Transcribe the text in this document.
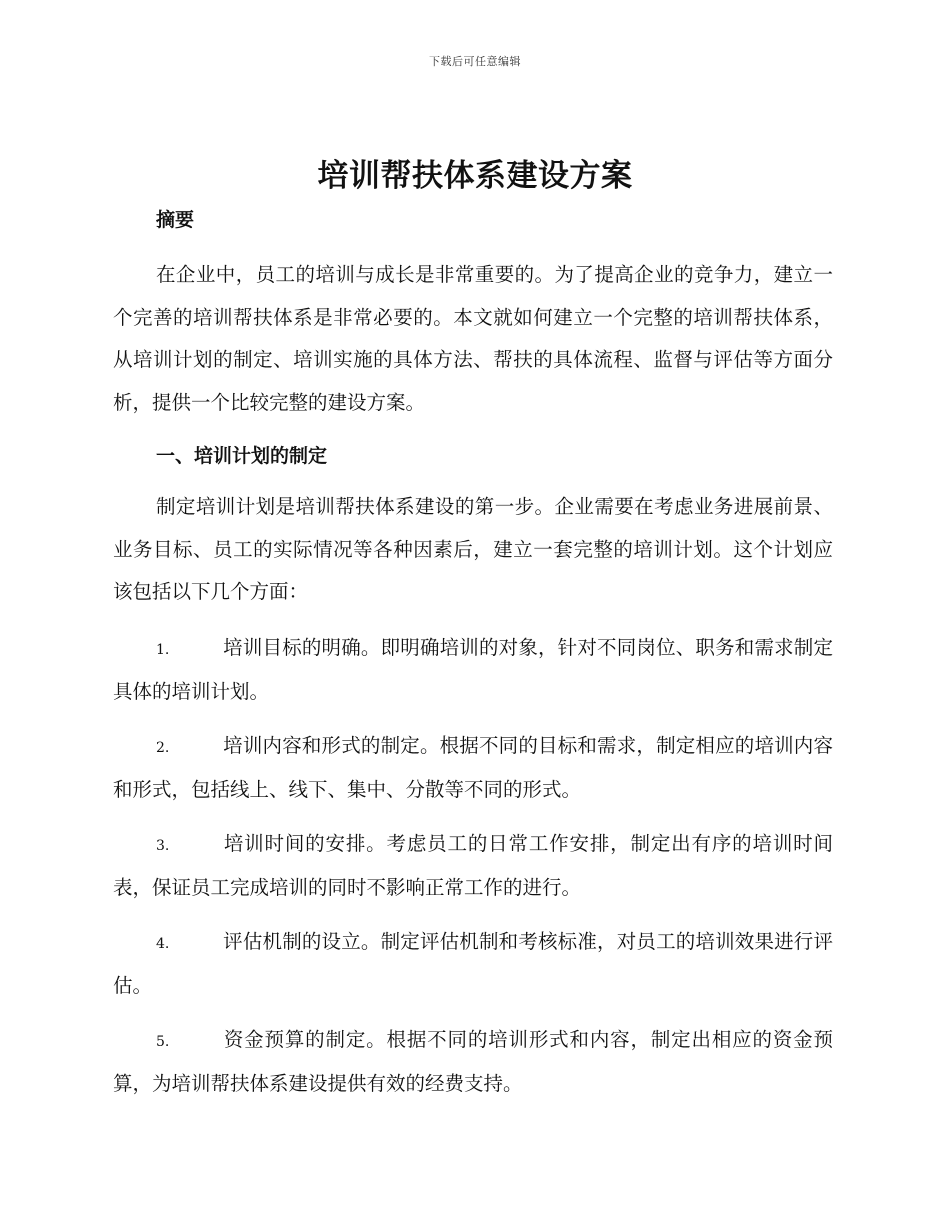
下载后可任意编辑
培训帮扶体系建设方案
摘要

在企业中，员工的培训与成长是非常重要的。为了提高企业的竞争力，建立一个完善的培训帮扶体系是非常必要的。本文就如何建立一个完整的培训帮扶体系，从培训计划的制定、培训实施的具体方法、帮扶的具体流程、监督与评估等方面分析，提供一个比较完整的建设方案。

一、培训计划的制定

制定培训计划是培训帮扶体系建设的第一步。企业需要在考虑业务进展前景、业务目标、员工的实际情况等各种因素后，建立一套完整的培训计划。这个计划应该包括以下几个方面：

1.	培训目标的明确。即明确培训的对象，针对不同岗位、职务和需求制定具体的培训计划。

2.	培训内容和形式的制定。根据不同的目标和需求，制定相应的培训内容和形式，包括线上、线下、集中、分散等不同的形式。

3.	培训时间的安排。考虑员工的日常工作安排，制定出有序的培训时间表，保证员工完成培训的同时不影响正常工作的进行。

4.	评估机制的设立。制定评估机制和考核标准，对员工的培训效果进行评估。

5.	资金预算的制定。根据不同的培训形式和内容，制定出相应的资金预算，为培训帮扶体系建设提供有效的经费支持。
